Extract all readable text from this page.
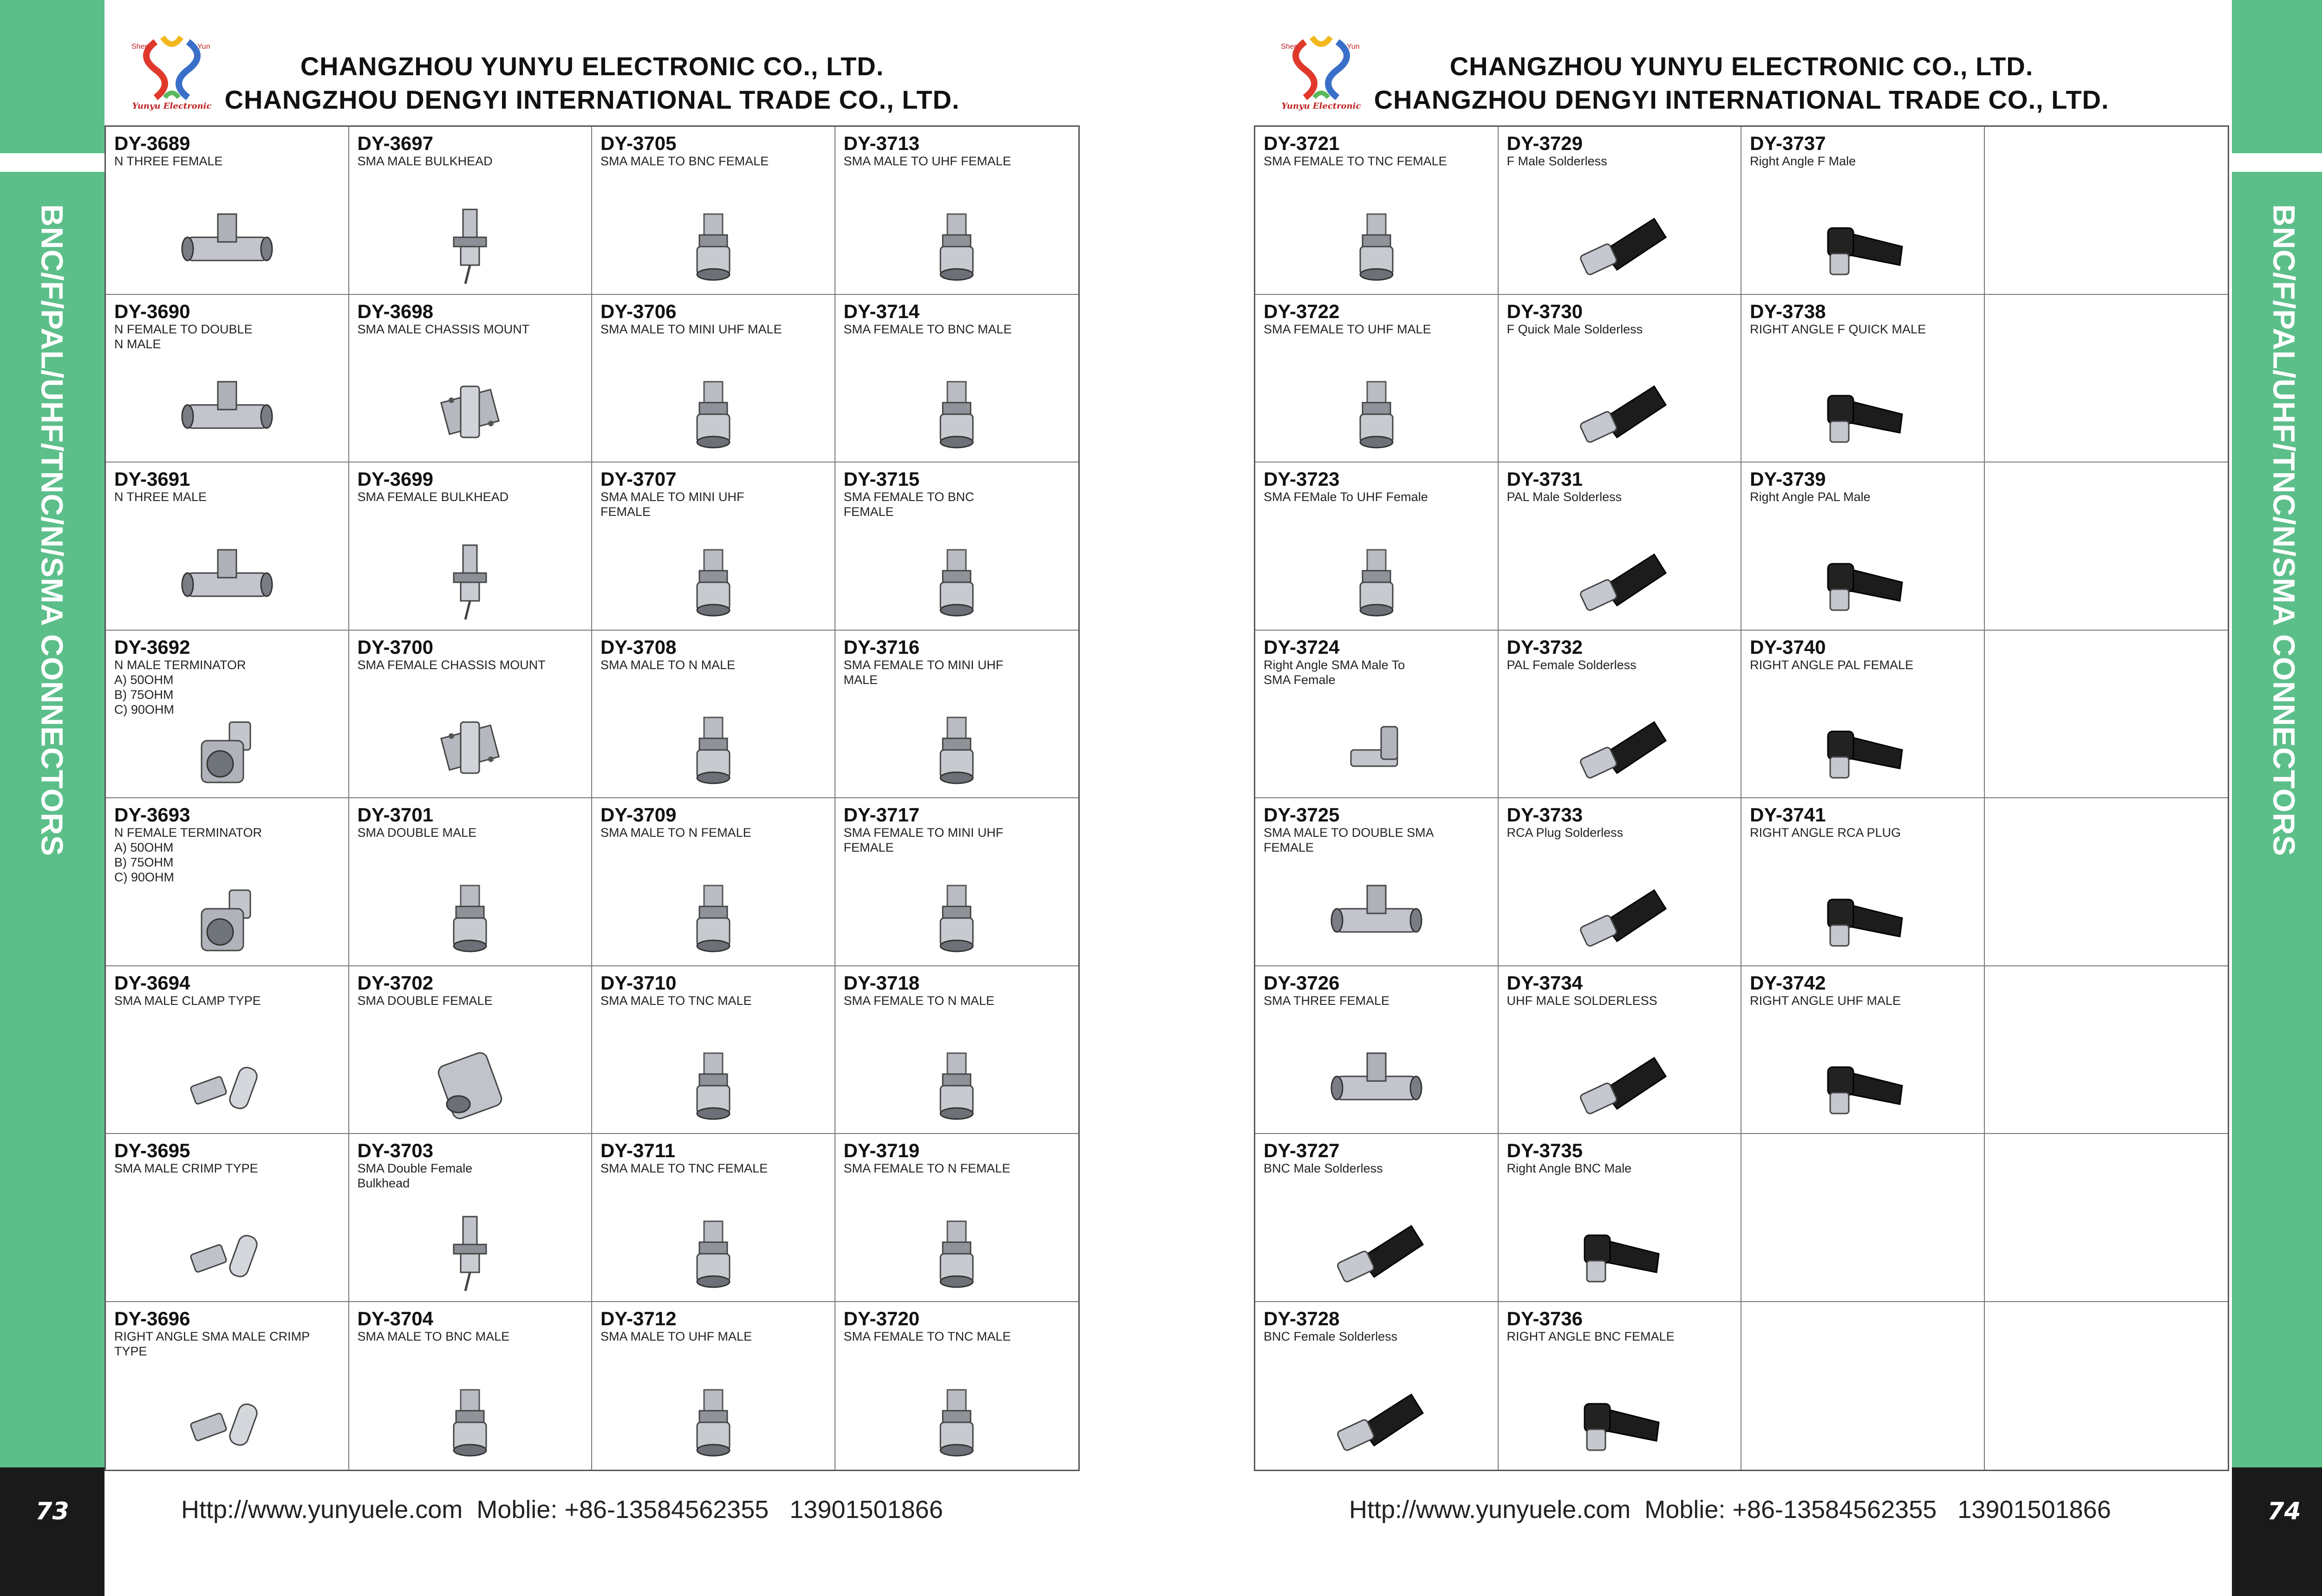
BNC/F/PAL/UHF/TNC/N/SMA CONNECTORS
73
BNC/F/PAL/UHF/TNC/N/SMA CONNECTORS
74
Shen	Yun
Yunyu Electronic
CHANGZHOU YUNYU ELECTRONIC CO., LTD.
CHANGZHOU DENGYI INTERNATIONAL TRADE CO., LTD.
DY-3689
N THREE FEMALE
DY-3697
SMA MALE BULKHEAD
DY-3705
SMA MALE TO BNC FEMALE
DY-3713
SMA MALE TO UHF FEMALE
DY-3690
N FEMALE TO DOUBLE
N MALE
DY-3698
SMA MALE CHASSIS MOUNT
DY-3706
SMA MALE TO MINI UHF MALE
DY-3714
SMA FEMALE TO BNC MALE
DY-3691
N THREE MALE
DY-3699
SMA FEMALE BULKHEAD
DY-3707
SMA MALE TO MINI UHF
FEMALE
DY-3715
SMA FEMALE TO BNC
FEMALE
DY-3692
N MALE TERMINATOR
A) 50OHM
B) 75OHM
C) 90OHM
DY-3700
SMA FEMALE CHASSIS MOUNT
DY-3708
SMA MALE TO N MALE
DY-3716
SMA FEMALE TO MINI UHF
MALE
DY-3693
N FEMALE TERMINATOR
A) 50OHM
B) 75OHM
C) 90OHM
DY-3701
SMA DOUBLE MALE
DY-3709
SMA MALE TO N FEMALE
DY-3717
SMA FEMALE TO MINI UHF
FEMALE
DY-3694
SMA MALE CLAMP TYPE
DY-3702
SMA DOUBLE FEMALE
DY-3710
SMA MALE TO TNC MALE
DY-3718
SMA FEMALE TO N MALE
DY-3695
SMA MALE CRIMP TYPE
DY-3703
SMA Double Female
Bulkhead
DY-3711
SMA MALE TO TNC FEMALE
DY-3719
SMA FEMALE TO N FEMALE
DY-3696
RIGHT ANGLE SMA MALE CRIMP
TYPE
DY-3704
SMA MALE TO BNC MALE
DY-3712
SMA MALE TO UHF MALE
DY-3720
SMA FEMALE TO TNC MALE
Http://www.yunyuele.com  Moblie: +86-13584562355   13901501866
Shen	Yun
Yunyu Electronic
CHANGZHOU YUNYU ELECTRONIC CO., LTD.
CHANGZHOU DENGYI INTERNATIONAL TRADE CO., LTD.
DY-3721
SMA FEMALE TO TNC FEMALE
DY-3729
F Male Solderless
DY-3737
Right Angle F Male
DY-3722
SMA FEMALE TO UHF MALE
DY-3730
F Quick Male Solderless
DY-3738
RIGHT ANGLE F QUICK MALE
DY-3723
SMA FEMale To UHF Female
DY-3731
PAL Male Solderless
DY-3739
Right Angle PAL Male
DY-3724
Right Angle SMA Male To
SMA Female
DY-3732
PAL Female Solderless
DY-3740
RIGHT ANGLE PAL FEMALE
DY-3725
SMA MALE TO DOUBLE SMA FEMALE
DY-3733
RCA Plug Solderless
DY-3741
RIGHT ANGLE RCA PLUG
DY-3726
SMA THREE FEMALE
DY-3734
UHF MALE SOLDERLESS
DY-3742
RIGHT ANGLE UHF MALE
DY-3727
BNC Male Solderless
DY-3735
Right Angle BNC Male
DY-3728
BNC Female Solderless
DY-3736
RIGHT ANGLE BNC FEMALE
Http://www.yunyuele.com  Moblie: +86-13584562355   13901501866
